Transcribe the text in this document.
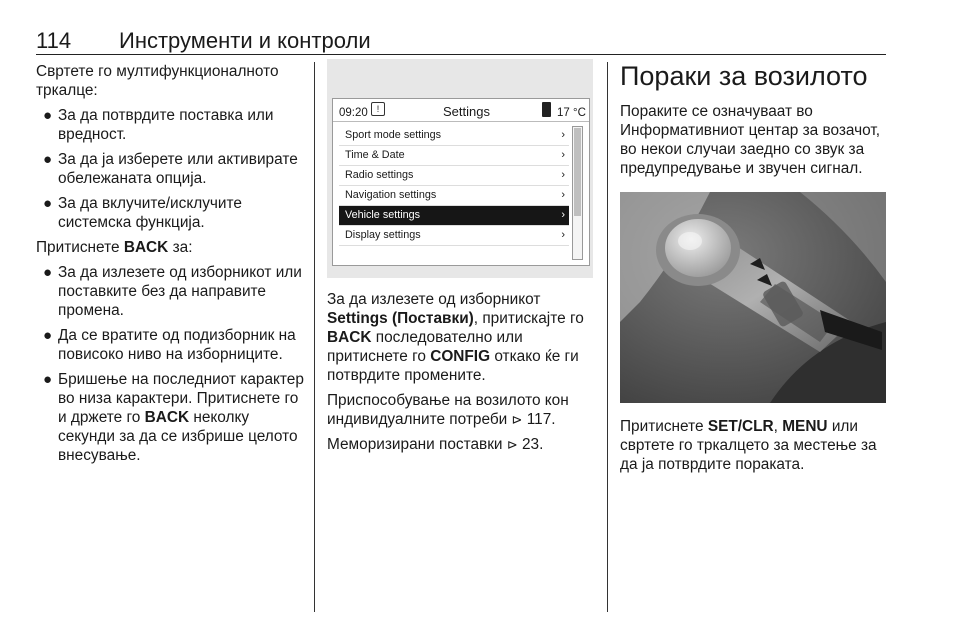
114 Инструменти и контроли

Свртете го мултифункционалното тркалце:

● За да потврдите поставка или вредност.
● За да ја изберете или активирате обележаната опција.
● За да вклучите/исклучите системска функција.

Притиснете BACK за:

● За да излезете од изборникот или поставките без да направите промена.
● Да се вратите од подизборник на повисоко ниво на изборниците.
● Бришење на последниот карактер во низа карактери. Притиснете го и држете го BACK неколку секунди за да се избрише целото внесување.
09:20 !	Settings	17 °C
Sport mode settings	›
Time & Date	›
Radio settings	›
Navigation settings	›
Vehicle settings	›
Display settings	›

За да излезете од изборникот Settings (Поставки), притискајте го BACK последователно или притиснете го CONFIG откако ќе ги потврдите промените.

Приспособување на возилото кон индивидуалните потреби ⊳ 117.

Меморизирани поставки ⊳ 23.

Пораки за возилото

Пораките се означуваат во Информативниот центар за возачот, во некои случаи заедно со звук за предупредување и звучен сигнал.

Притиснете SET/CLR, MENU или свртете го тркалцето за местење за да ја потврдите пораката.
